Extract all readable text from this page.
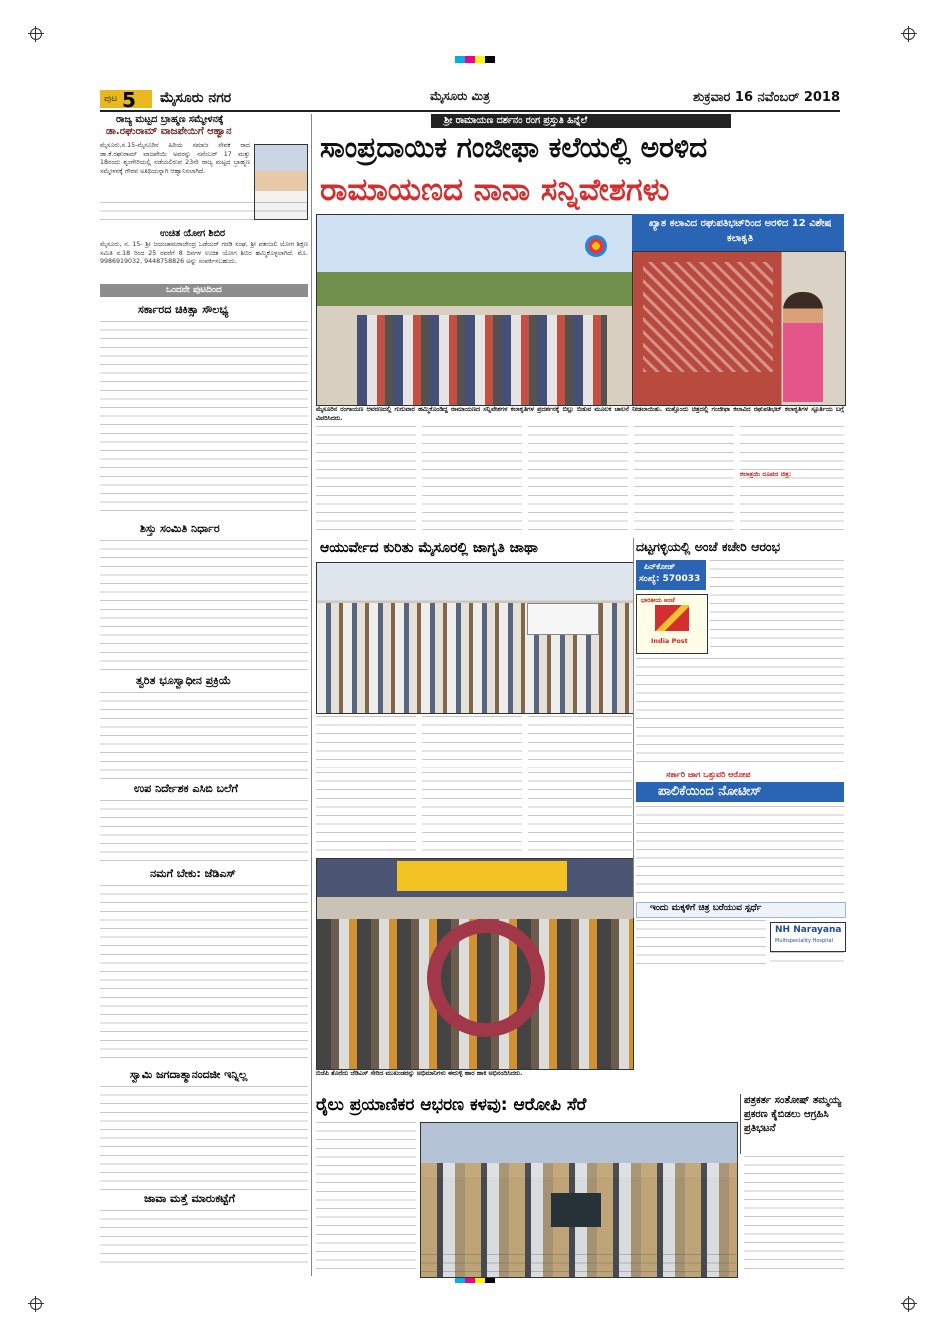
ಪುಟ 5 ಮೈಸೂರು ನಗರ	ಮೈಸೂರು ಮಿತ್ರ	ಶುಕ್ರವಾರ 16 ನವೆಂಬರ್ 2018
ರಾಜ್ಯ ಮಟ್ಟದ ಬ್ರಾಹ್ಮಣ ಸಮ್ಮೇಳನಕ್ಕೆ
ಡಾ.ರಘುರಾಮ್ ವಾಜಪೇಯಿಗೆ ಆಹ್ವಾನ
ಮೈಸೂರು,ನ.15-ಮೈಸೂರಿನ ಹಿರಿಯ ಸಮಾಜ ಸೇವಕ ರಾದ ಡಾ.ಕೆ.ರಘುರಾಮ್ ವಾಜಪೇಯಿ ಅವರನ್ನು ನವೆಂಬರ್ 17 ಮತ್ತು 18ರಂದು ಶೃಂಗೇರಿಯಲ್ಲಿ ನಡೆಯಲಿರುವ 23ನೇ ರಾಜ್ಯ ಮಟ್ಟದ ಬ್ರಾಹ್ಮಣ ಸಮ್ಮೇಳನಕ್ಕೆ ಗೌರವ ಅತಿಥಿಯನ್ನಾಗಿ ಆಹ್ವಾನಿಸಲಾಗಿದೆ.
ಉಚಿತ ಯೋಗ ಶಿಬಿರ
ಮೈಸೂರು, ನ. 15- ಶ್ರೀ ಜಯಚಾಮರಾಜೇಂದ್ರ ಒಡೆಯರ್ ಗರಡಿ ಸಂಘ, ಶ್ರೀ ಪತಂಜಲಿ ಯೋಗ ಶಿಕ್ಷಣ ಸಮಿತಿ ನ.18 ರಿಂದ 25 ರವರೆಗೆ 8 ದಿನಗಳ ಉಚಿತ ಯೋಗ ಶಿಬಿರ ಹಮ್ಮಿಕೊಳ್ಳಲಾಗಿದೆ. ಮೊ. 9986919032, 9448758826 ಅನ್ನು ಸಂಪರ್ಕಿಸಬಹುದು.
ಒಂದನೇ ಪುಟದಿಂದ
ಸರ್ಕಾರದ ಚಿಕಿತ್ಸಾ ಸೌಲಭ್ಯ
ಶಿಸ್ತು ಸಂಮಿತಿ ನಿರ್ಧಾರ
ತ್ವರಿತ ಭೂಸ್ವಾಧೀನ ಪ್ರಕ್ರಿಯೆ
ಉಪ ನಿರ್ದೇಶಕ ಎಸಿಬಿ ಬಲೆಗೆ
ನಮಗೆ ಬೇಕು: ಜೆಡಿಎಸ್
ಸ್ವಾಮಿ ಜಗದಾತ್ಮಾನಂದಜೀ ಇನ್ನಿಲ್ಲ
ಜಾವಾ ಮತ್ತೆ ಮಾರುಕಟ್ಟೆಗೆ
ಶ್ರೀ ರಾಮಾಯಣ ದರ್ಶನಂ ರಂಗ ಪ್ರಸ್ತುತಿ ಹಿನ್ನೆಲೆ
ಸಾಂಪ್ರದಾಯಿಕ ಗಂಜೀಫಾ ಕಲೆಯಲ್ಲಿ ಅರಳಿದ
ರಾಮಾಯಣದ ನಾನಾ ಸನ್ನಿವೇಶಗಳು
ಖ್ಯಾತ ಕಲಾವಿದ ರಘುಪತಿಭಟ್‌ರಿಂದ ಅರಳಿದ 12 ವಿಶೇಷ ಕಲಾಕೃತಿ
ಮೈಸೂರಿನ ರಂಗಾಯಣ ಆವರಣದಲ್ಲಿ ಗುರುವಾರ ಹಮ್ಮಿಕೊಂಡಿದ್ದ ರಾಮಾಯಣದ ಸನ್ನಿವೇಶಗಳ ಕಲಾಕೃತಿಗಳ ಪ್ರದರ್ಶನಕ್ಕೆ ಬಿಲ್ಲು ಬಿಡುವ ಮೂಲಕ ಚಾಲನೆ ನೀಡಲಾಯಿತು. ಮತ್ತೊಂದು ಚಿತ್ರದಲ್ಲಿ ಗಂಜೀಫಾ ಕಲಾವಿದ ರಘುಪತಿಭಟ್ ಕಲಾಕೃತಿಗಳ ಸ್ಪೂರ್ತಿಯ ಬಗ್ಗೆ ವಿವರಿಸಿದರು.
ಕಲಾತ್ರಯಿ ರೂಪದ ಚಿತ್ರ:
ಆಯುರ್ವೇದ ಕುರಿತು ಮೈಸೂರಲ್ಲಿ ಜಾಗೃತಿ ಜಾಥಾ	ದಟ್ಟಗಳ್ಳಿಯಲ್ಲಿ ಅಂಚೆ ಕಚೇರಿ ಆರಂಭ
ಪಿನ್‌ಕೋಡ್
ಸಂಖ್ಯೆ: 570033
ಭಾರತೀಯ ಅಂಚೆ
India Post
ಸರ್ಕಾರಿ ಜಾಗ ಒತ್ತುವರಿ ಆರೋಪ
ಪಾಲಿಕೆಯಿಂದ ನೋಟೀಸ್
ಇಂದು ಮಕ್ಕಳಿಗೆ ಚಿತ್ರ ಬರೆಯುವ ಸ್ಪರ್ಧೆ
NH Narayana
Multispeciality Hospital
ಬಿಜೆಪಿ ತೊರೆದು ಜೆಡಿಎಸ್ ಸೇರಿದ ಮುಖಂಡರನ್ನು ಅಭಿಮಾನಿಗಳು ಈರುಳ್ಳಿ ಹಾರ ಹಾಕಿ ಅಭಿನಂದಿಸಿದರು.
ರೈಲು ಪ್ರಯಾಣಿಕರ ಆಭರಣ ಕಳವು: ಆರೋಪಿ ಸೆರೆ	ಪತ್ರಕರ್ತ ಸಂತೋಷ್ ತಮ್ಮಯ್ಯ ಪ್ರಕರಣ ಕೈಬಿಡಲು ಆಗ್ರಹಿಸಿ ಪ್ರತಿಭಟನೆ
